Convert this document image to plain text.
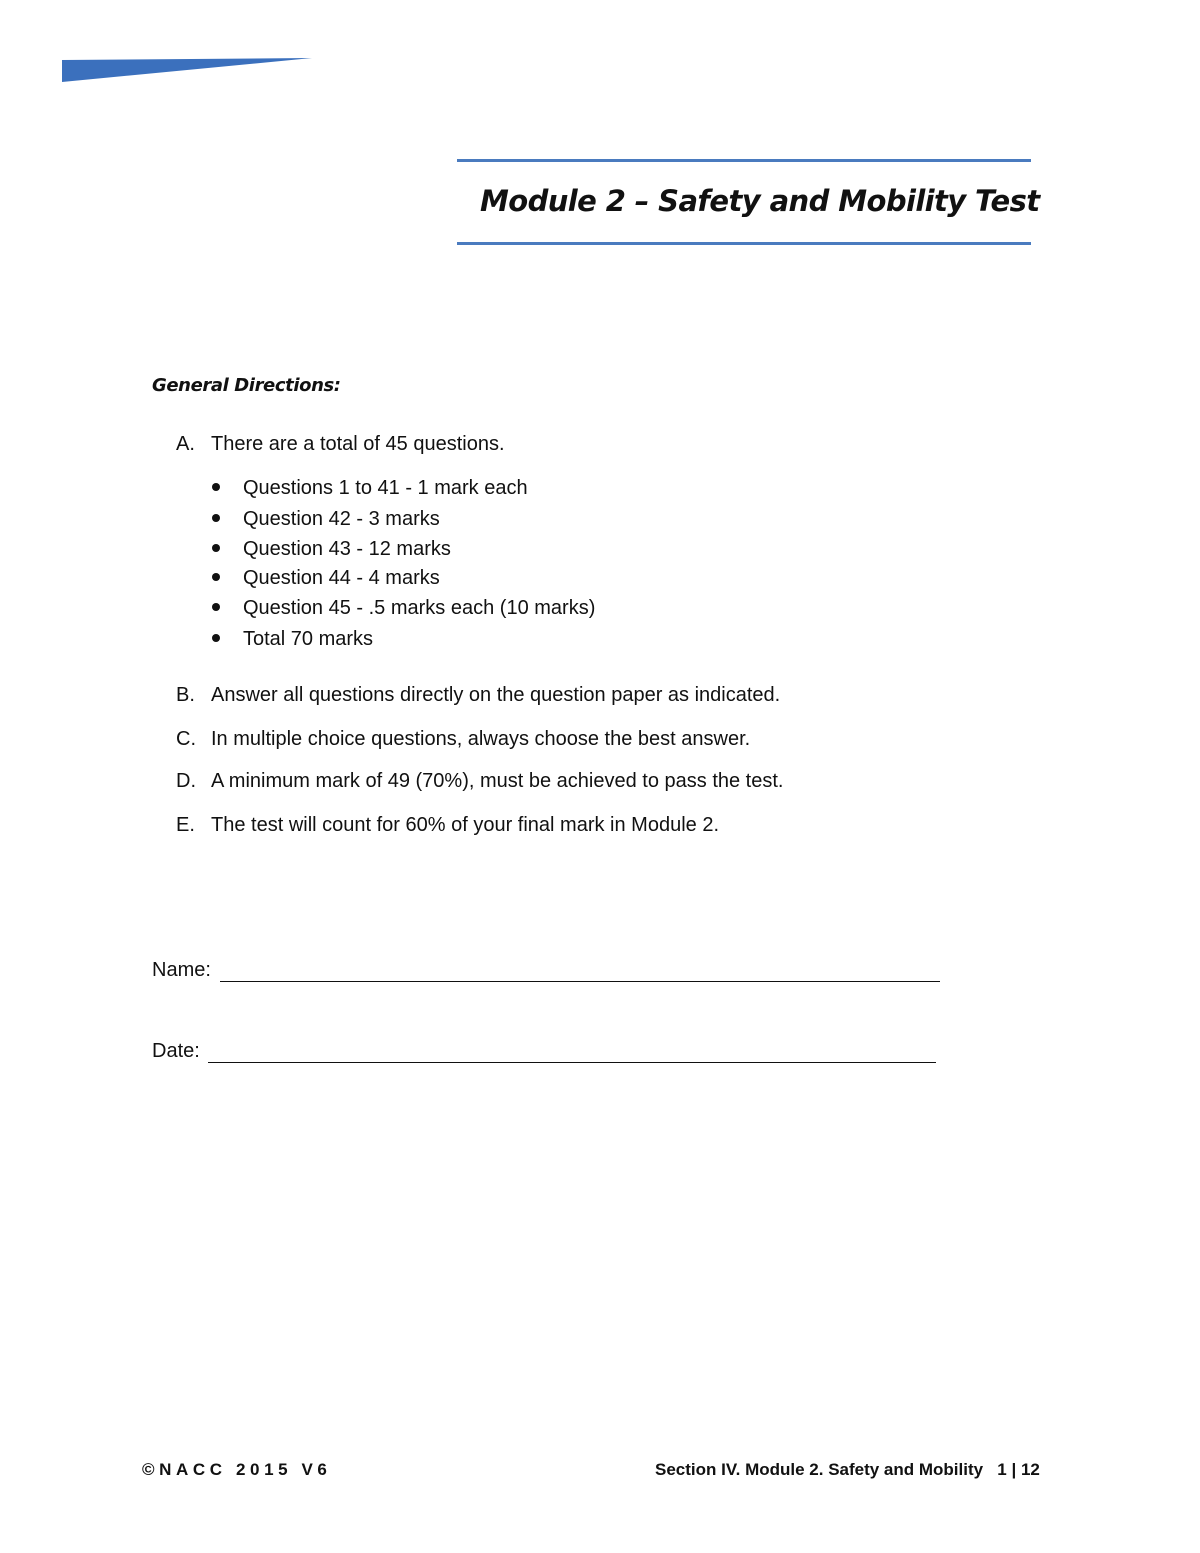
Module 2 – Safety and Mobility Test
General Directions:
A. There are a total of 45 questions.
Questions 1 to 41 - 1 mark each
Question 42 - 3 marks
Question 43 - 12 marks
Question 44 - 4 marks
Question 45 - .5 marks each (10 marks)
Total 70 marks
B. Answer all questions directly on the question paper as indicated.
C. In multiple choice questions, always choose the best answer.
D. A minimum mark of 49 (70%), must be achieved to pass the test.
E. The test will count for 60% of your final mark in Module 2.
Name:
Date:
©NACC 2015 V6	Section IV. Module 2. Safety and Mobility 1 | 12
